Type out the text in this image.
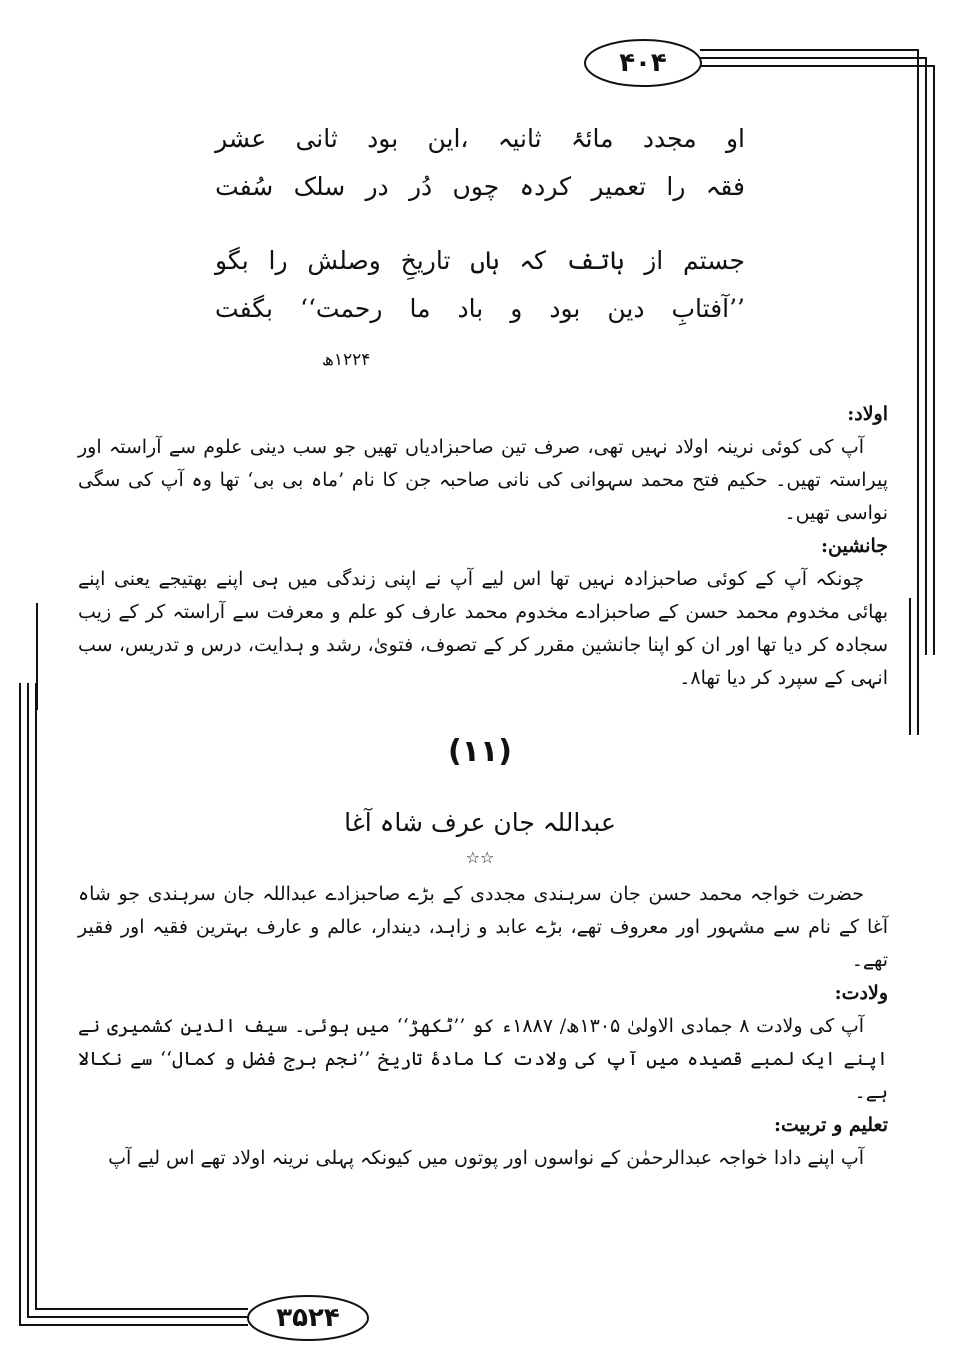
۴۰۴
۳۵۲۴
او
مجدد
مائۂ
ثانیہ
،این
بود
ثانی
عشر
فقہ
را
تعمیر
کردہ
چوں
دُر
در
سلک
سُفت
جستم
از
ہاتف
کہ
ہاں
تاریخِ
وصلش
را
بگو
’’آفتابِ
دین
بود
و
باد
ما
رحمت‘‘
بگفت
۱۲۲۴ھ

اولاد:

آپ کی کوئی نرینہ اولاد نہیں تھی، صرف تین صاحبزادیاں تھیں جو سب دینی علوم سے آراستہ اور پیراستہ تھیں۔ حکیم فتح محمد سہوانی کی نانی صاحبہ جن کا نام ’ماہ بی بی‘ تھا وہ آپ کی سگی نواسی تھیں۔

جانشین:

چونکہ آپ کے کوئی صاحبزادہ نہیں تھا اس لیے آپ نے اپنی زندگی میں ہی اپنے بھتیجے یعنی اپنے بھائی مخدوم محمد حسن کے صاحبزادے مخدوم محمد عارف کو علم و معرفت سے آراستہ کر کے زیب سجادہ کر دیا تھا اور ان کو اپنا جانشین مقرر کر کے تصوف، فتویٰ، رشد و ہدایت، درس و تدریس، سب انہی کے سپرد کر دیا تھا۸۔

(۱۱)
عبداللہ جان عرف شاہ آغا
☆☆

حضرت خواجہ محمد حسن جان سرہندی مجددی کے بڑے صاحبزادے عبداللہ جان سرہندی جو شاہ آغا کے نام سے مشہور اور معروف تھے، بڑے عابد و زاہد، دیندار، عالم و عارف بہترین فقیہ اور فقیر تھے۔

ولادت:

آپ کی ولادت ۸ جمادی الاولیٰ ۱۳۰۵ھ/ ۱۸۸۷ء کو ’’ٹکھڑ‘‘ میں ہوئی۔ سیف الدین کشمیری نے اپنے ایک لمبے قصیدہ میں آپ کی ولادت کا مادۂ تاریخ ’’نجم برج فضل و کمال‘‘ سے نکالا ہے۔

تعلیم و تربیت:

آپ اپنے دادا خواجہ عبدالرحمٰن کے نواسوں اور پوتوں میں کیونکہ پہلی نرینہ اولاد تھے اس لیے آپ
